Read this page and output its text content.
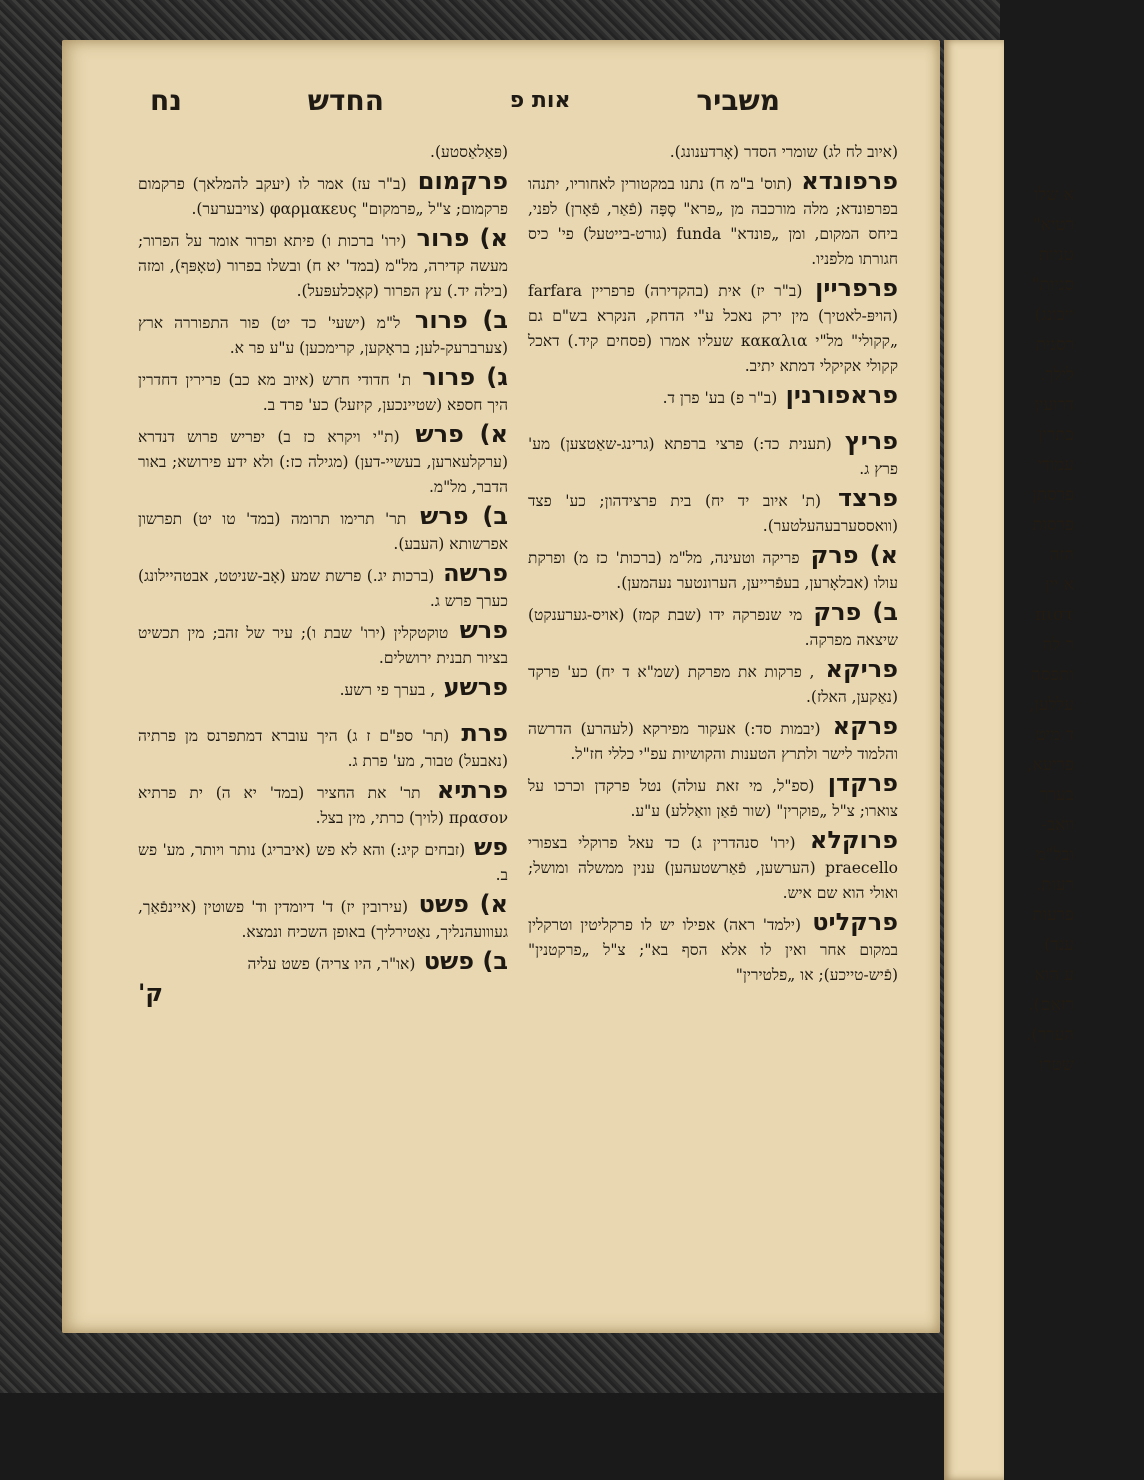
א שלו
רטיא"
טניות
סניות"
ייכונג)
רסנית
לילך.
דרועין
כתרין
עמודי
פרסתן
פרסות
הזה
א יין
πιστ
ר לה
ותפסה
עללען,
ד מיט
פריעא,
בערך
וואַב-
ובל"מ
רעות.
פרעות
ענד)
ע הוא
רזאַם).
הערד).
שטרו
משביר
אות פ
החדש
נח

(איוב לח לג) שומרי הסדר (אָרדענונג).

פרפונדא (תוס' ב"מ ח) נתנו במקטורין לאחוריו, יתנהו בפרפונדא; מלה מורכבה מן „פרא" סֶפָּה (פֿאַר, פֿאָרן) לפני, ביחס המקום, ומן „פונדא" funda (גורט-בייטעל) פי' כיס חגורתו מלפניו.

פרפריין (ב"ר יז) אית (בהקדירה) פרפריין farfara (הויפּ-לאטיך) מין ירק נאכל ע"י הדחק, הנקרא בש"ם גם „קקולי" מל"י κακαλια שעליו אמרו (פסחים קיד.) דאכל קקולי אקיקלי דמתא יתיב.

פראפורנין (ב"ר פ) בע' פרן ד.

פריץ (תענית כד:) פרצי ברפתא (גרינג-שאַטצען) מע' פרץ ג.

פרצד (ת' איוב יד יח) בית פרצידהון; כע' פצד (וואססערבעהעלטער).

א) פרק פריקה וטעינה, מל"מ (ברכות' כז מ) ופרקת עולו (אבלאָרען, בעפֿרייען, הערונטער נעהמען).

ב) פרק מי שנפרקה ידו (שבת קמז) (אויס-גערענקט) שיצאה מפרקה.

פריקא , פרקות את מפרקת (שמ"א ד יח) כע' פרקד (נאַקען, האלז).

פרקא (יבמות סד:) אעקור מפירקא (לעהרע) הדרשה והלמוד לישר ולתרץ הטענות והקושיות עפ"י כללי חז"ל.

פרקדן (ספ"ל, מי זאת עולה) נטל פרקדן וכרכו על צוארו; צ"ל „פוקרין" (שור פֿאַן וואַללע) ע"ע.

פרוקלא (ירו' סנהדרין ג) כד עאל פרוקלי בצפורי praecello (הערשען, פֿאַרשטעהען) ענין ממשלה ומושל; ואולי הוא שם איש.

פרקליט (ילמד' ראה) אפילו יש לו פרקליטין וטרקלין במקום אחר ואין לו אלא הסף בא"; צ"ל „פרקטנין" (פֿיש-טייכע); או „פלטירין"

(פּאַלאַסטע).

פרקמום (ב"ר עז) אמר לו (יעקב להמלאך) פרקמום פרקמום; צ"ל „פרמקום" φαρμακευς (צויבערער).

א) פרור (ירו' ברכות ו) פיתא ופרור אומר על הפרור; מעשה קדירה, מל"מ (במד' יא ח) ובשלו בפרור (טאָפּף), ומזה (בילה יד.) עץ הפרור (קאָכלעפּעל).

ב) פרור ל"מ (ישעי' כד יט) פור התפוררה ארץ (צערברעק-לען; בראָקען, קרימכען) ע"ע פר א.

ג) פרור ת' חדודי חרש (איוב מא כב) פרירין דחדרין היך חספא (שטיינכען, קיזעל) כע' פרד ב.

א) פרש (ת"י ויקרא כז ב) יפריש פרוש דנדרא (ערקלעארען, בעשיי-דען) (מגילה כז:) ולא ידע פירושא; באור הדבר, מל"מ.

ב) פרש תר' תרימו תרומה (במד' טו יט) תפרשון אפרשותא (העבע).

פרשה (ברכות יג.) פרשת שמע (אָב-שניטט, אבטהיילונג) כערך פרש ג.

פרש טוקטקלין (ירו' שבת ו); עיר של זהב; מין תכשיט בציור תבנית ירושלים.

פרשע , בערך פי רשע.

פרת (תר' ספ"ם ז ג) היך עוברא דמתפרנס מן פרתיה (נאבעל) טבור, מע' פרת ג.

פרתיא תר' את החציר (במד' יא ה) ית פרתיא πρασον (לויך) כרתי, מין בצל.

פש (זבחים קיג:) והא לא פש (איבריג) נותר ויותר, מע' פש ב.

א) פשט (עירובין יז) ד' דיומדין וד' פשוטין (איינפֿאַך, געווועהנליך, נאַטירליך) באופן השכיח ונמצא.

ב) פשט (או"ר, היו צריה) פשט עליה

ק'
